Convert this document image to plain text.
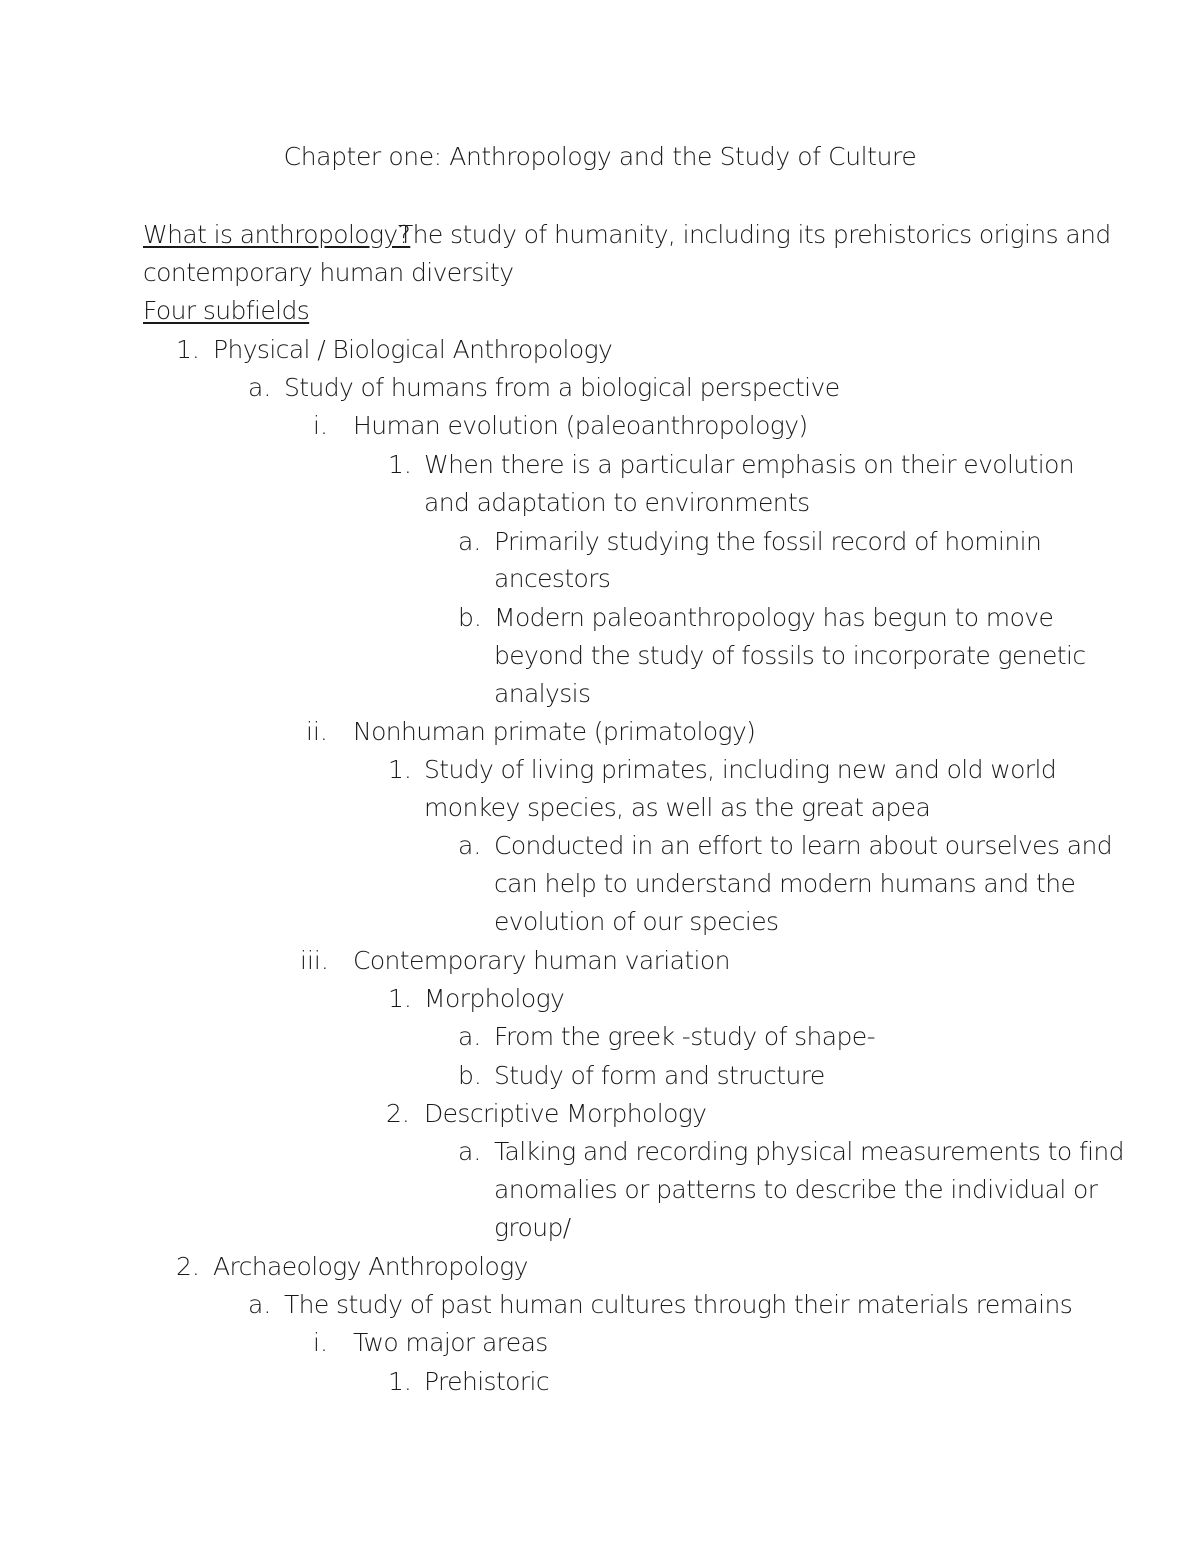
Chapter one: Anthropology and the Study of Culture
What is anthropology?
The study of humanity, including its prehistorics origins and
contemporary human diversity
Four subfields
1. Physical / Biological Anthropology
a. Study of humans from a biological perspective
i. Human evolution (paleoanthropology)
1. When there is a particular emphasis on their evolution
and adaptation to environments
a. Primarily studying the fossil record of hominin
ancestors
b. Modern paleoanthropology has begun to move
beyond the study of fossils to incorporate genetic
analysis
ii. Nonhuman primate (primatology)
1. Study of living primates, including new and old world
monkey species, as well as the great apea
a. Conducted in an effort to learn about ourselves and
can help to understand modern humans and the
evolution of our species
iii. Contemporary human variation
1. Morphology
a. From the greek -study of shape-
b. Study of form and structure
2. Descriptive Morphology
a. Talking and recording physical measurements to find
anomalies or patterns to describe the individual or
group/
2. Archaeology Anthropology
a. The study of past human cultures through their materials remains
i. Two major areas
1. Prehistoric
